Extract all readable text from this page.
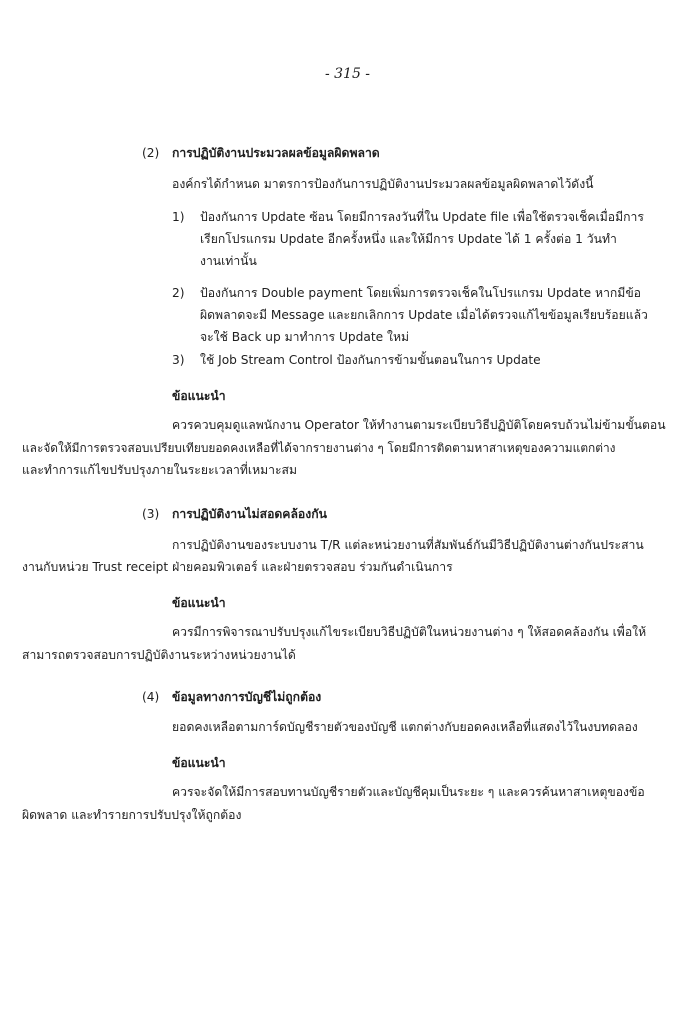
- 315 -
(2) การปฏิบัติงานประมวลผลข้อมูลผิดพลาด
องค์กรได้กำหนด มาตรการป้องกันการปฏิบัติงานประมวลผลข้อมูลผิดพลาดไว้ดังนี้
1) ป้องกันการ Update ซ้อน โดยมีการลงวันที่ใน Update file เพื่อใช้ตรวจเช็คเมื่อมีการ
เรียกโปรแกรม Update อีกครั้งหนึ่ง และให้มีการ Update ได้ 1 ครั้งต่อ 1 วันทำ
งานเท่านั้น
2) ป้องกันการ Double payment โดยเพิ่มการตรวจเช็คในโปรแกรม Update หากมีข้อ
ผิดพลาดจะมี Message และยกเลิกการ Update เมื่อได้ตรวจแก้ไขข้อมูลเรียบร้อยแล้ว
จะใช้ Back up มาทำการ Update ใหม่
3) ใช้ Job Stream Control ป้องกันการข้ามขั้นตอนในการ Update
ข้อแนะนำ
ควรควบคุมดูแลพนักงาน Operator ให้ทำงานตามระเบียบวิธีปฏิบัติโดยครบถ้วนไม่ข้ามขั้นตอน
และจัดให้มีการตรวจสอบเปรียบเทียบยอดคงเหลือที่ได้จากรายงานต่าง ๆ โดยมีการติดตามหาสาเหตุของความแตกต่าง
และทำการแก้ไขปรับปรุงภายในระยะเวลาที่เหมาะสม
(3) การปฏิบัติงานไม่สอดคล้องกัน
การปฏิบัติงานของระบบงาน T/R แต่ละหน่วยงานที่สัมพันธ์กันมีวิธีปฏิบัติงานต่างกันประสาน
งานกับหน่วย Trust receipt ฝ่ายคอมพิวเตอร์ และฝ่ายตรวจสอบ ร่วมกันดำเนินการ
ข้อแนะนำ
ควรมีการพิจารณาปรับปรุงแก้ไขระเบียบวิธีปฏิบัติในหน่วยงานต่าง ๆ ให้สอดคล้องกัน เพื่อให้
สามารถตรวจสอบการปฏิบัติงานระหว่างหน่วยงานได้
(4) ข้อมูลทางการบัญชีไม่ถูกต้อง
ยอดคงเหลือตามการ์ดบัญชีรายตัวของบัญชี แตกต่างกับยอดคงเหลือที่แสดงไว้ในงบทดลอง
ข้อแนะนำ
ควรจะจัดให้มีการสอบทานบัญชีรายตัวและบัญชีคุมเป็นระยะ ๆ และควรค้นหาสาเหตุของข้อ
ผิดพลาด และทำรายการปรับปรุงให้ถูกต้อง
